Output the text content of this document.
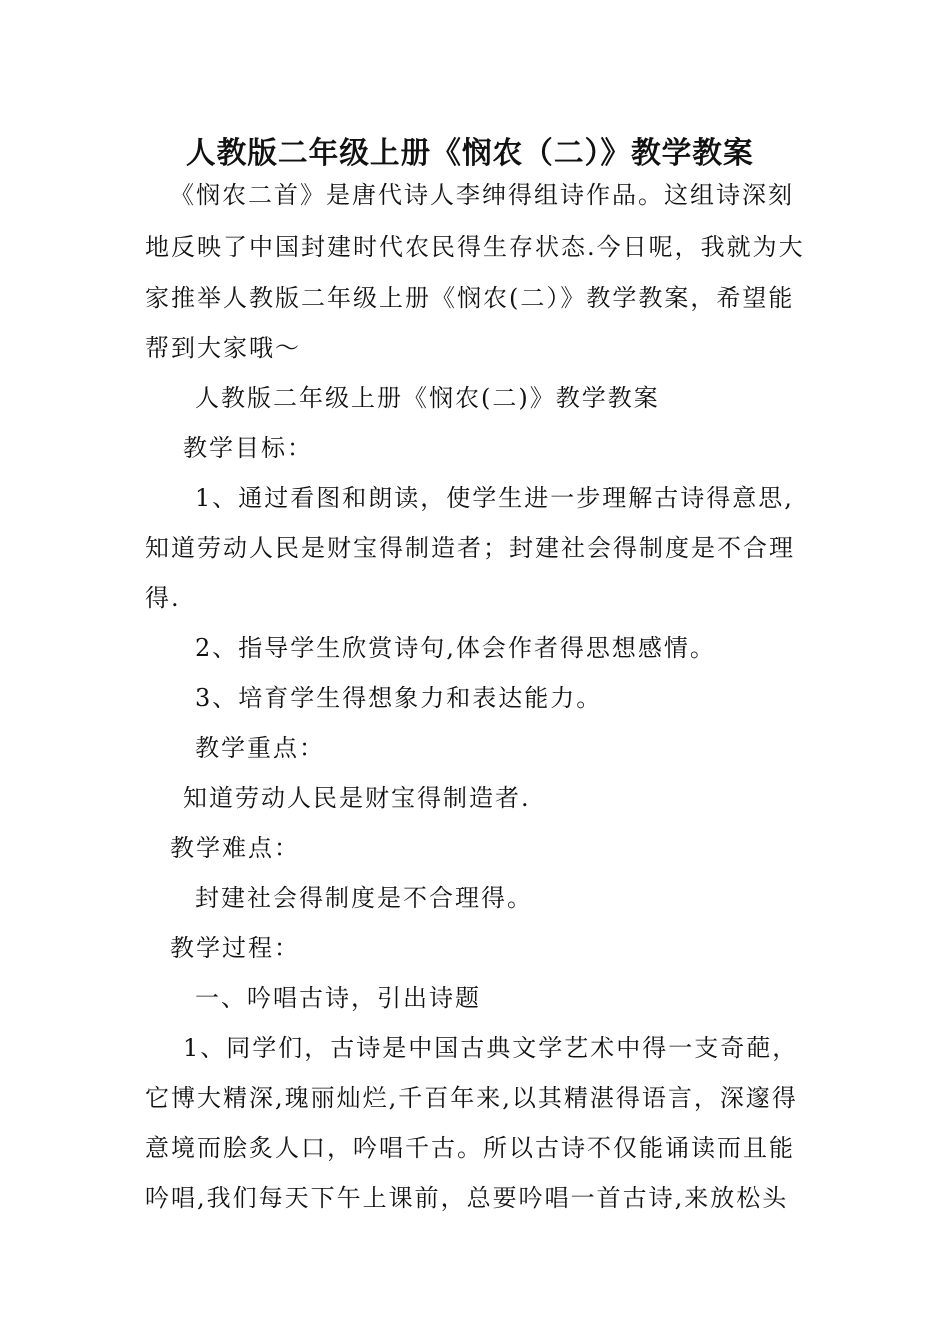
人教版二年级上册《悯农（二）》教学教案
《悯农二首》是唐代诗人李绅得组诗作品。这组诗深刻
地反映了中国封建时代农民得生存状态.今日呢，我就为大
家推举人教版二年级上册《悯农(二）》教学教案，希望能
帮到大家哦～
人教版二年级上册《悯农(二)》教学教案
教学目标：
1、通过看图和朗读，使学生进一步理解古诗得意思,
知道劳动人民是财宝得制造者；封建社会得制度是不合理
得.
2、指导学生欣赏诗句,体会作者得思想感情。
3、培育学生得想象力和表达能力。
教学重点：
知道劳动人民是财宝得制造者.
教学难点：
封建社会得制度是不合理得。
教学过程：
一、吟唱古诗，引出诗题
1、同学们，古诗是中国古典文学艺术中得一支奇葩，
它博大精深,瑰丽灿烂,千百年来,以其精湛得语言，深邃得
意境而脍炙人口，吟唱千古。所以古诗不仅能诵读而且能
吟唱,我们每天下午上课前，总要吟唱一首古诗,来放松头
